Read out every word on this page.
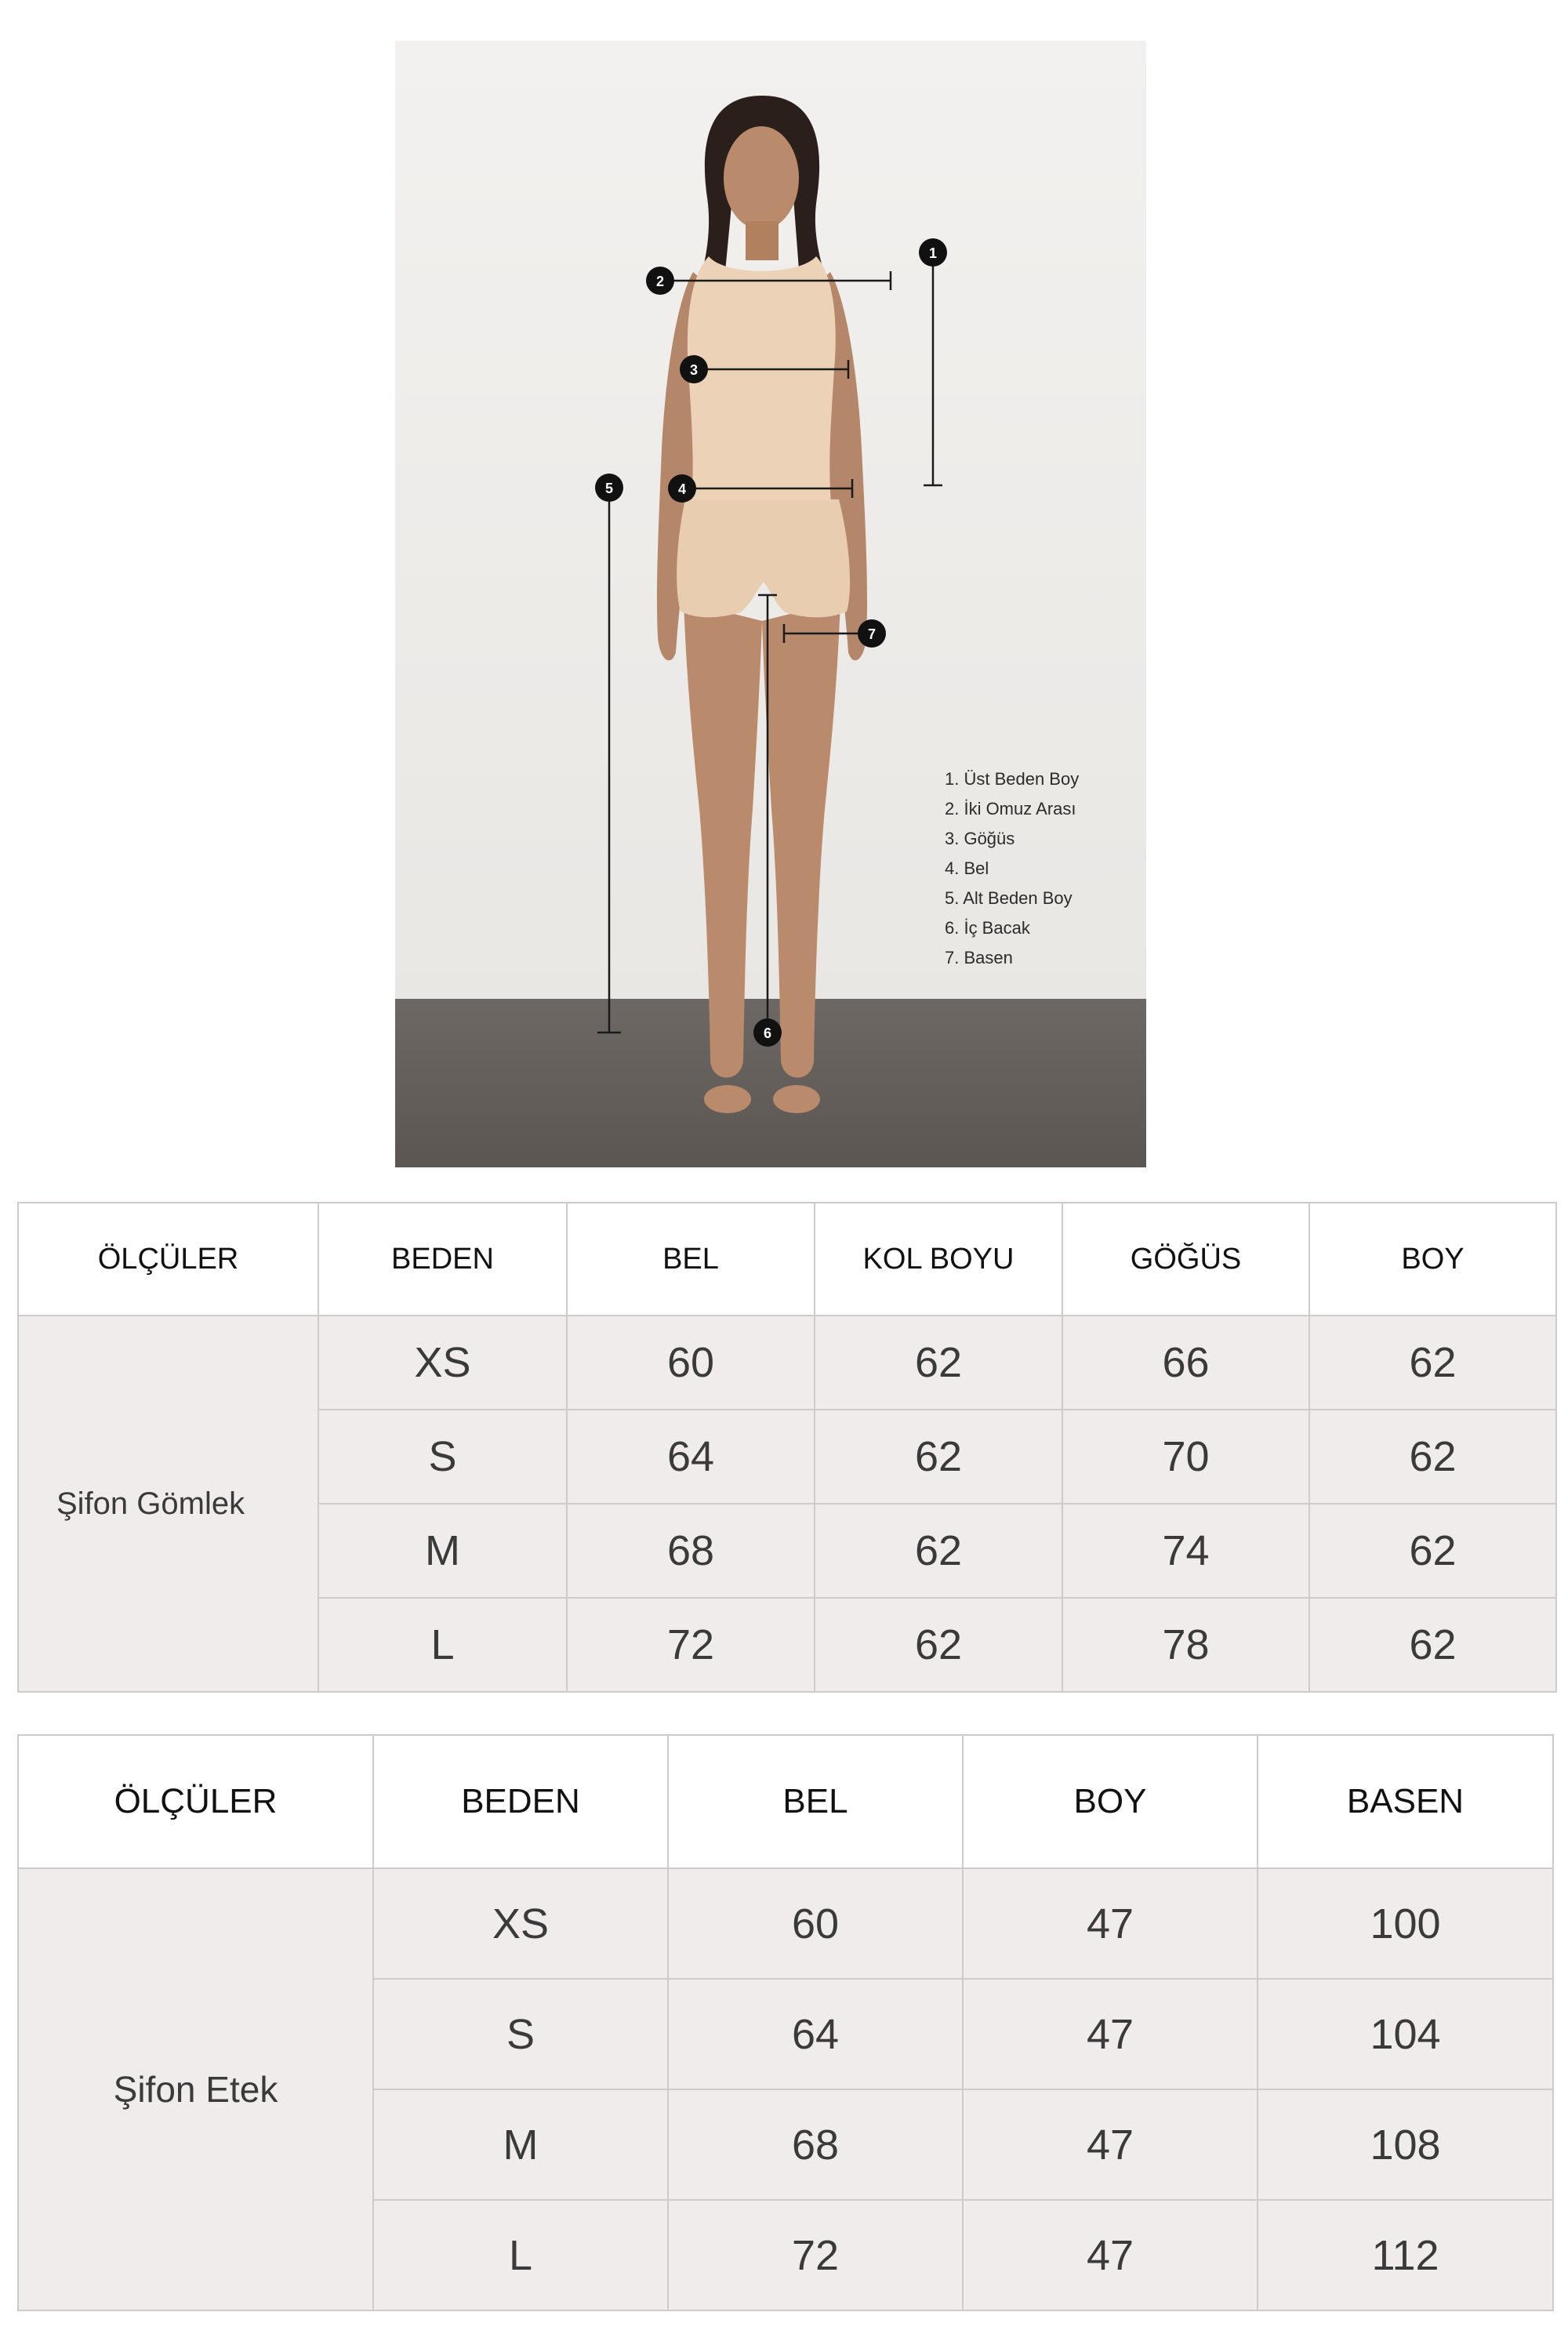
1
2
3
4
5
6
7
1. Üst Beden Boy
2. İki Omuz Arası
3. Göğüs
4. Bel
5. Alt Beden Boy
6. İç Bacak
7. Basen
ÖLÇÜLER	BEDEN	BEL	KOL BOYU	GÖĞÜS	BOY
Şifon Gömlek	XS	60	62	66	62
	S	64	62	70	62
	M	68	62	74	62
	L	72	62	78	62
ÖLÇÜLER	BEDEN	BEL	BOY	BASEN
Şifon Etek	XS	60	47	100
	S	64	47	104
	M	68	47	108
	L	72	47	112
